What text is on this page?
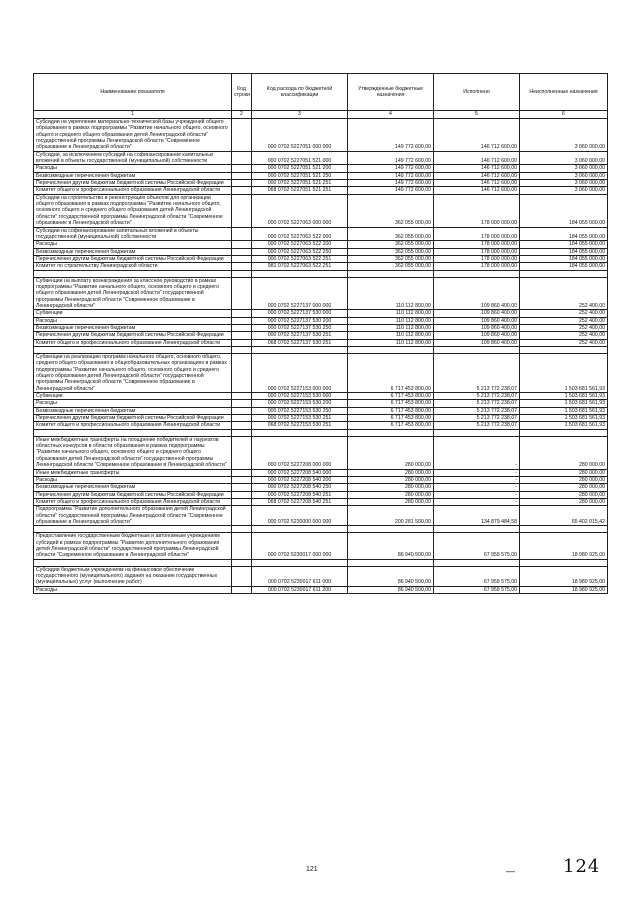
Наименование показателя	Код строки	Код расхода по бюджетной классификации	Утвержденные бюджетные назначения	Исполнено	Неисполненные назначения
1	2	3	4	5	6
Субсидии на укрепление материально-технической базы учреждений общего образования в рамках подпрограммы "Развитие начального общего, основного общего и среднего общего образования детей Ленинградской области" государственной программы Ленинградской области "Современное образование в Ленинградской области"		000 0702 5227051 000 000	149 772 600,00	146 712 600,00	3 060 000,00
Субсидии, за исключением субсидий на софинансирование капитальных вложений в объекты государственной (муниципальной) собственности		000 0702 5227051 521 000	149 772 600,00	146 712 600,00	3 060 000,00
Расходы		000 0702 5227051 521 200	149 772 600,00	146 712 600,00	3 060 000,00
Безвозмездные перечисления бюджетам		000 0702 5227051 521 250	149 772 600,00	146 712 600,00	3 060 000,00
Перечисления другим бюджетам бюджетной системы Российской Федерации		000 0702 5227051 521 251	149 772 600,00	146 712 600,00	3 060 000,00
Комитет общего и профессионального образования Ленинградской области		068 0702 5227051 521 251	149 772 600,00	146 712 600,00	3 060 000,00
Субсидии на строительство и реконструкцию объектов для организации общего образования в рамках подпрограммы "Развитие начального общего, основного общего и среднего общего образования детей Ленинградской области" государственной программы Ленинградской области "Современное образование в Ленинградской области"		000 0702 5227063 000 000	362 055 000,00	178 000 000,00	184 055 000,00
Субсидии на софинансирование капитальных вложений в объекты государственной (муниципальной) собственности		000 0702 5227063 522 000	362 055 000,00	178 000 000,00	184 055 000,00
Расходы		000 0702 5227063 522 200	362 055 000,00	178 000 000,00	184 055 000,00
Безвозмездные перечисления бюджетам		000 0702 5227063 522 250	362 055 000,00	178 000 000,00	184 055 000,00
Перечисления другим бюджетам бюджетной системы Российской Федерации		000 0702 5227063 522 251	362 055 000,00	178 000 000,00	184 055 000,00
Комитет по строительству Ленинградской области		981 0702 5227063 522 251	362 055 000,00	178 000 000,00	184 055 000,00

Субвенции на выплату вознаграждения за классное руководство в рамках подпрограммы "Развитие начального общего, основного общего и среднего общего образования детей Ленинградской области" государственной программы Ленинградской области "Современное образование в Ленинградской области"		000 0702 5227137 000 000	110 112 800,00	109 860 400,00	252 400,00
Субвенции		000 0702 5227137 530 000	110 112 800,00	109 860 400,00	252 400,00
Расходы		000 0702 5227137 530 200	110 112 800,00	109 860 400,00	252 400,00
Безвозмездные перечисления бюджетам		000 0702 5227137 530 250	110 112 800,00	109 860 400,00	252 400,00
Перечисления другим бюджетам бюджетной системы Российской Федерации		000 0702 5227137 530 251	110 112 800,00	109 860 400,00	252 400,00
Комитет общего и профессионального образования Ленинградской области		068 0702 5227137 530 251	110 112 800,00	109 860 400,00	252 400,00

Субвенции на реализацию программ начального общего, основного общего, среднего общего образования в общеобразовательных организациях в рамках подпрограммы "Развитие начального общего, основного общего и среднего общего образования детей Ленинградской области" государственной программы Ленинградской области "Современное образование в Ленинградской области"		000 0702 5227153 000 000	6 717 453 800,00	5 213 772 238,07	1 503 681 561,93
Субвенции		000 0702 5227153 530 000	6 717 453 800,00	5 213 772 238,07	1 503 681 561,93
Расходы		000 0702 5227153 530 200	6 717 453 800,00	5 213 772 238,07	1 503 681 561,93
Безвозмездные перечисления бюджетам		000 0702 5227153 530 250	6 717 453 800,00	5 213 772 238,07	1 503 681 561,93
Перечисления другим бюджетам бюджетной системы Российской Федерации		000 0702 5227153 530 251	6 717 453 800,00	5 213 772 238,07	1 503 681 561,93
Комитет общего и профессионального образования Ленинградской области		068 0702 5227153 530 251	6 717 453 800,00	5 213 772 238,07	1 503 681 561,93

Иные межбюджетные трансферты на поощрение победителей и лауреатов областных конкурсов в области образования в рамках подпрограммы "Развитие начального общего, основного общего и среднего общего образования детей Ленинградской области" государственной программы Ленинградской области "Современное образование в Ленинградской области"		000 0702 5227208 000 000	280 000,00	-	280 000,00
Иные межбюджетные трансферты		000 0702 5227208 540 000	280 000,00	-	280 000,00
Расходы		000 0702 5227208 540 200	280 000,00	-	280 000,00
Безвозмездные перечисления бюджетам		000 0702 5227208 540 250	280 000,00	-	280 000,00
Перечисления другим бюджетам бюджетной системы Российской Федерации		000 0702 5227208 540 251	280 000,00	-	280 000,00
Комитет общего и профессионального образования Ленинградской области		068 0702 5227208 540 251	280 000,00	-	280 000,00
Подпрограмма "Развитие дополнительного образования детей Ленинградской области" государственной программы Ленинградской области "Современное образование в Ленинградской области"		000 0702 5230000 000 000	200 281 500,00	134 879 484,58	65 402 015,42

Предоставление государственным бюджетным и автономным учреждениям субсидий в рамках подпрограммы "Развитие дополнительного образования детей Ленинградской области" государственной программы Ленинградской области "Современное образование в Ленинградской области"		000 0702 5230017 000 000	86 940 500,00	67 959 575,00	18 980 925,00

Субсидии бюджетным учреждениям на финансовое обеспечение государственного (муниципального) задания на оказание государственных (муниципальных) услуг (выполнение работ)		000 0702 5230017 611 000	86 940 500,00	67 959 575,00	18 980 925,00
Расходы		000 0702 5230017 611 200	86 940 500,00	67 959 575,00	18 980 925,00
121	—	124
